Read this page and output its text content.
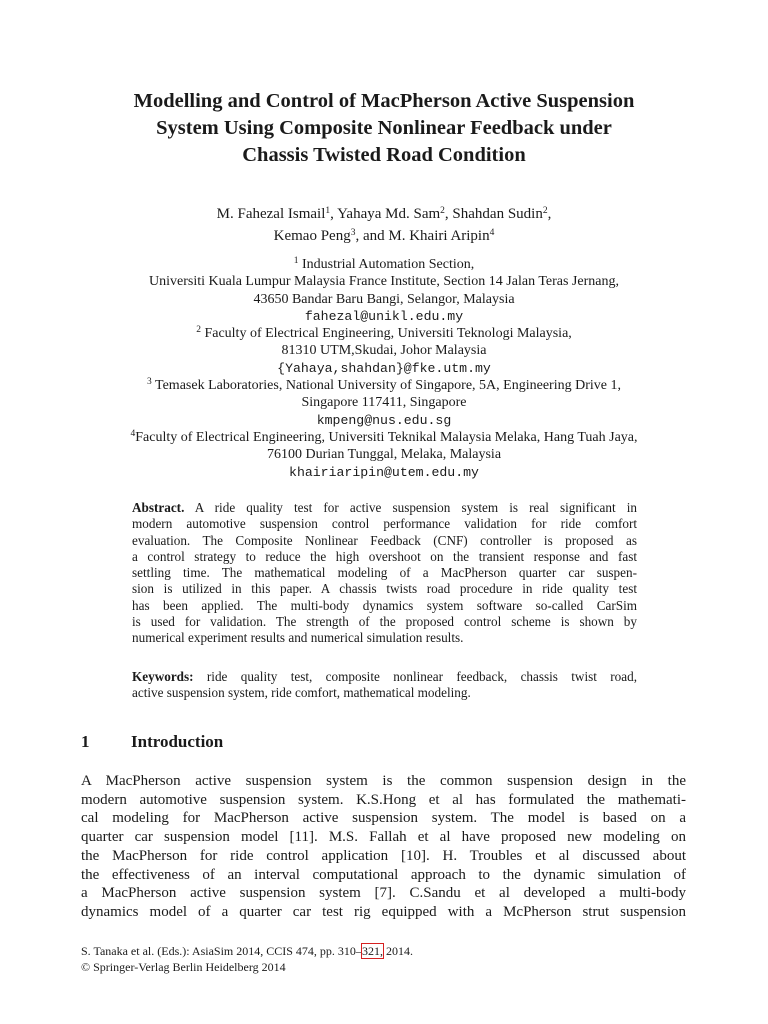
Modelling and Control of MacPherson Active Suspension
System Using Composite Nonlinear Feedback under
Chassis Twisted Road Condition
M. Fahezal Ismail$^1$, Yahaya Md. Sam$^2$, Shahdan Sudin$^2$,
Kemao Peng$^3$, and M. Khairi Aripin$^4$
$^1$ Industrial Automation Section,
Universiti Kuala Lumpur Malaysia France Institute, Section 14 Jalan Teras Jernang,
43650 Bandar Baru Bangi, Selangor, Malaysia
fahezal@unikl.edu.my
$^2$ Faculty of Electrical Engineering, Universiti Teknologi Malaysia,
81310 UTM,Skudai, Johor Malaysia
{Yahaya,shahdan}@fke.utm.my
$^3$ Temasek Laboratories, National University of Singapore, 5A, Engineering Drive 1,
Singapore 117411, Singapore
kmpeng@nus.edu.sg
$^4$Faculty of Electrical Engineering, Universiti Teknikal Malaysia Melaka, Hang Tuah Jaya,
76100 Durian Tunggal, Melaka, Malaysia
khairiaripin@utem.edu.my
Abstract. A ride quality test for active suspension system is real significant in
modern automotive suspension control performance validation for ride comfort
evaluation. The Composite Nonlinear Feedback (CNF) controller is proposed as
a control strategy to reduce the high overshoot on the transient response and fast
settling time. The mathematical modeling of a MacPherson quarter car suspen-
sion is utilized in this paper. A chassis twists road procedure in ride quality test
has been applied. The multi-body dynamics system software so-called CarSim
is used for validation. The strength of the proposed control scheme is shown by
numerical experiment results and numerical simulation results.
Keywords: ride quality test, composite nonlinear feedback, chassis twist road,
active suspension system, ride comfort, mathematical modeling.
1 Introduction
A MacPherson active suspension system is the common suspension design in the
modern automotive suspension system. K.S.Hong et al has formulated the mathemati-
cal modeling for MacPherson active suspension system. The model is based on a
quarter car suspension model [11]. M.S. Fallah et al have proposed new modeling on
the MacPherson for ride control application [10]. H. Troubles et al discussed about
the effectiveness of an interval computational approach to the dynamic simulation of
a MacPherson active suspension system [7]. C.Sandu et al developed a multi-body
dynamics model of a quarter car test rig equipped with a McPherson strut suspension
S. Tanaka et al. (Eds.): AsiaSim 2014, CCIS 474, pp. 310–321, 2014.
© Springer-Verlag Berlin Heidelberg 2014
